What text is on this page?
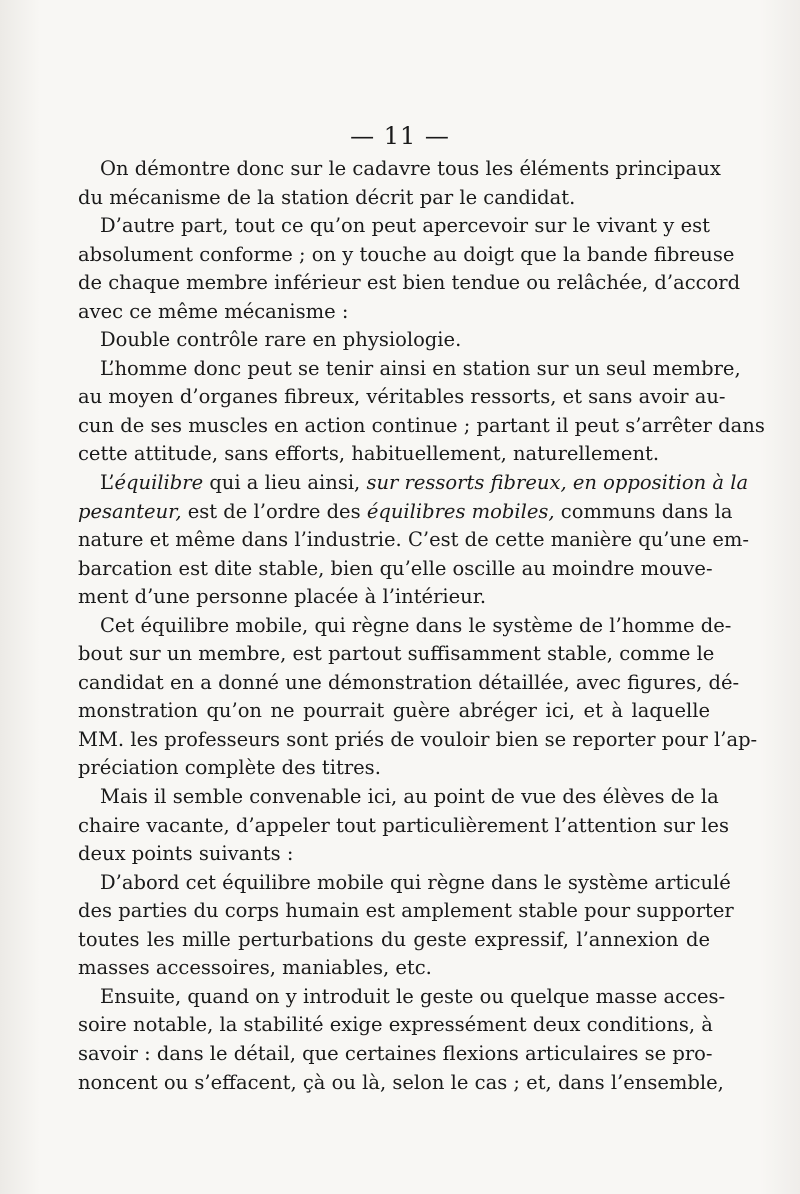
— 11 —
On démontre donc sur le cadavre tous les éléments principaux
du mécanisme de la station décrit par le candidat.
D’autre part, tout ce qu’on peut apercevoir sur le vivant y est
absolument conforme ; on y touche au doigt que la bande fibreuse
de chaque membre inférieur est bien tendue ou relâchée, d’accord
avec ce même mécanisme :
Double contrôle rare en physiologie.
L’homme donc peut se tenir ainsi en station sur un seul membre,
au moyen d’organes fibreux, véritables ressorts, et sans avoir au-
cun de ses muscles en action continue ; partant il peut s’arrêter dans
cette attitude, sans efforts, habituellement, naturellement.
L’équilibre qui a lieu ainsi, sur ressorts fibreux, en opposition à la
pesanteur, est de l’ordre des équilibres mobiles, communs dans la
nature et même dans l’industrie. C’est de cette manière qu’une em-
barcation est dite stable, bien qu’elle oscille au moindre mouve-
ment d’une personne placée à l’intérieur.
Cet équilibre mobile, qui règne dans le système de l’homme de-
bout sur un membre, est partout suffisamment stable, comme le
candidat en a donné une démonstration détaillée, avec figures, dé-
monstration qu’on ne pourrait guère abréger ici, et à laquelle
MM. les professeurs sont priés de vouloir bien se reporter pour l’ap-
préciation complète des titres.
Mais il semble convenable ici, au point de vue des élèves de la
chaire vacante, d’appeler tout particulièrement l’attention sur les
deux points suivants :
D’abord cet équilibre mobile qui règne dans le système articulé
des parties du corps humain est amplement stable pour supporter
toutes les mille perturbations du geste expressif, l’annexion de
masses accessoires, maniables, etc.
Ensuite, quand on y introduit le geste ou quelque masse acces-
soire notable, la stabilité exige expressément deux conditions, à
savoir : dans le détail, que certaines flexions articulaires se pro-
noncent ou s’effacent, çà ou là, selon le cas ; et, dans l’ensemble,
